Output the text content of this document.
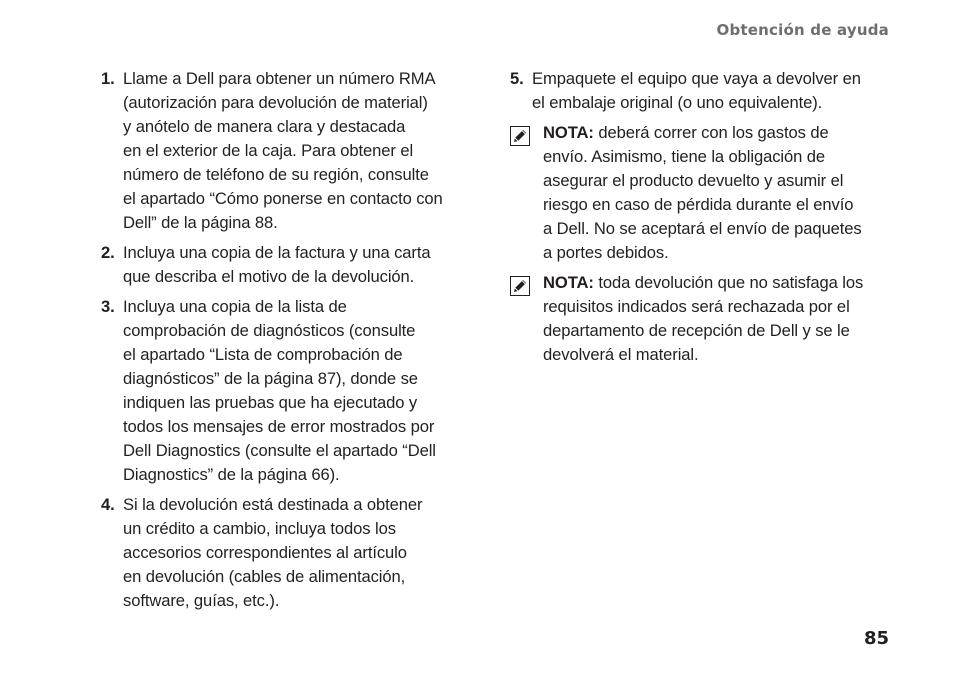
Obtención de ayuda
1. Llame a Dell para obtener un número RMA
(autorización para devolución de material)
y anótelo de manera clara y destacada
en el exterior de la caja. Para obtener el
número de teléfono de su región, consulte
el apartado “Cómo ponerse en contacto con
Dell” de la página 88.
2. Incluya una copia de la factura y una carta
que describa el motivo de la devolución.
3. Incluya una copia de la lista de
comprobación de diagnósticos (consulte
el apartado “Lista de comprobación de
diagnósticos” de la página 87), donde se
indiquen las pruebas que ha ejecutado y
todos los mensajes de error mostrados por
Dell Diagnostics (consulte el apartado “Dell
Diagnostics” de la página 66).
4. Si la devolución está destinada a obtener
un crédito a cambio, incluya todos los
accesorios correspondientes al artículo
en devolución (cables de alimentación,
software, guías, etc.).
5. Empaquete el equipo que vaya a devolver en
el embalaje original (o uno equivalente).
NOTA: deberá correr con los gastos de
envío. Asimismo, tiene la obligación de
asegurar el producto devuelto y asumir el
riesgo en caso de pérdida durante el envío
a Dell. No se aceptará el envío de paquetes
a portes debidos.
NOTA: toda devolución que no satisfaga los
requisitos indicados será rechazada por el
departamento de recepción de Dell y se le
devolverá el material.
85
